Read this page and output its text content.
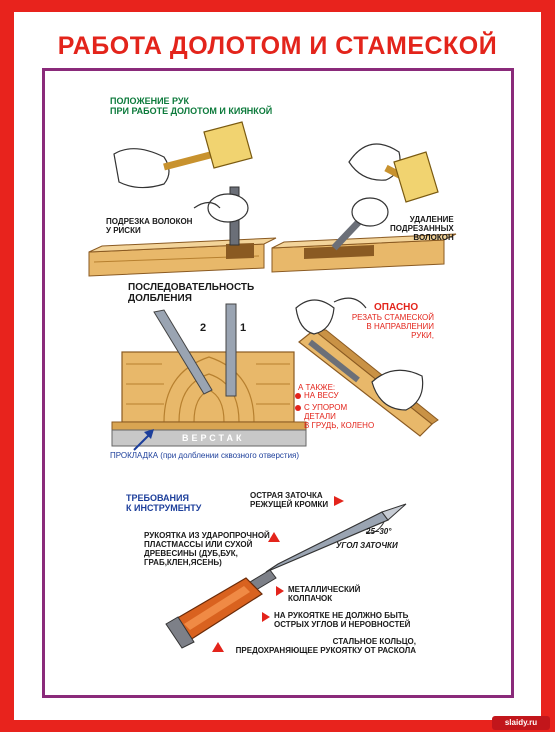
РАБОТА ДОЛОТОМ И СТАМЕСКОЙ
ПОЛОЖЕНИЕ РУК
ПРИ РАБОТЕ ДОЛОТОМ И КИЯНКОЙ
ПОДРЕЗКА ВОЛОКОН
У РИСКИ
УДАЛЕНИЕ
ПОДРЕЗАННЫХ
ВОЛОКОН
ПОСЛЕДОВАТЕЛЬНОСТЬ
ДОЛБЛЕНИЯ
2	1
ВЕРСТАК
ПРОКЛАДКА (при долблении сквозного отверстия)
ОПАСНО
РЕЗАТЬ СТАМЕСКОЙ
В НАПРАВЛЕНИИ
РУКИ,
А ТАКЖЕ:
НА ВЕСУ
С УПОРОМ
ДЕТАЛИ
В ГРУДЬ, КОЛЕНО
ТРЕБОВАНИЯ
К ИНСТРУМЕНТУ
ОСТРАЯ ЗАТОЧКА
РЕЖУЩЕЙ КРОМКИ
25–30°
УГОЛ ЗАТОЧКИ
РУКОЯТКА ИЗ УДАРОПРОЧНОЙ
ПЛАСТМАССЫ ИЛИ СУХОЙ
ДРЕВЕСИНЫ (ДУБ,БУК,
ГРАБ,КЛЕН,ЯСЕНЬ)
МЕТАЛЛИЧЕСКИЙ
КОЛПАЧОК
НА РУКОЯТКЕ НЕ ДОЛЖНО БЫТЬ
ОСТРЫХ УГЛОВ И НЕРОВНОСТЕЙ
СТАЛЬНОЕ КОЛЬЦО,
ПРЕДОХРАНЯЮЩЕЕ РУКОЯТКУ ОТ РАСКОЛА
slaidy.ru
